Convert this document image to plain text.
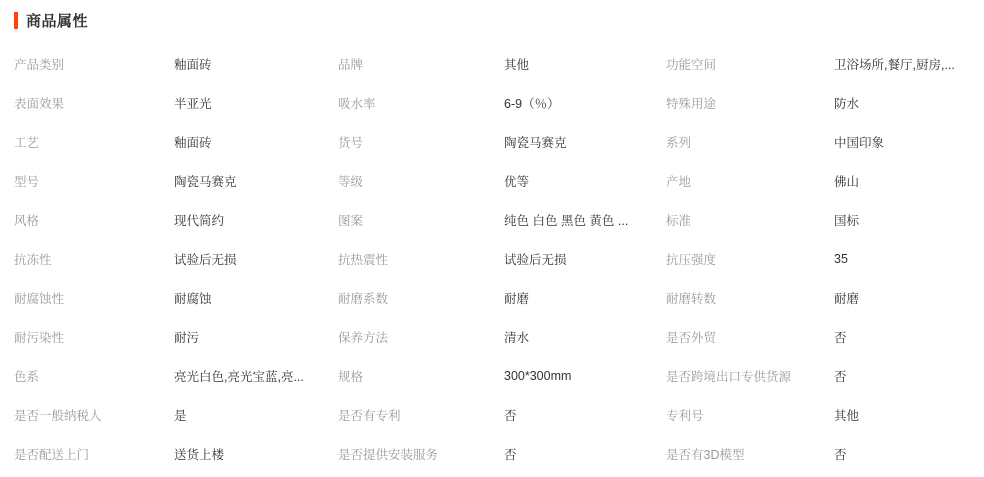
商品属性
产品类别	釉面砖	品牌	其他	功能空间	卫浴场所,餐厅,厨房,...
表面效果	半亚光	吸水率	6-9（％）	特殊用途	防水
工艺	釉面砖	货号	陶瓷马赛克	系列	中国印象
型号	陶瓷马赛克	等级	优等	产地	佛山
风格	现代简约	图案	纯色 白色 黑色 黄色 ...	标准	国标
抗冻性	试验后无损	抗热震性	试验后无损	抗压强度	35
耐腐蚀性	耐腐蚀	耐磨系数	耐磨	耐磨转数	耐磨
耐污染性	耐污	保养方法	清水	是否外贸	否
色系	亮光白色,亮光宝蓝,亮...	规格	300*300mm	是否跨境出口专供货源	否
是否一般纳税人	是	是否有专利	否	专利号	其他
是否配送上门	送货上楼	是否提供安装服务	否	是否有3D模型	否
